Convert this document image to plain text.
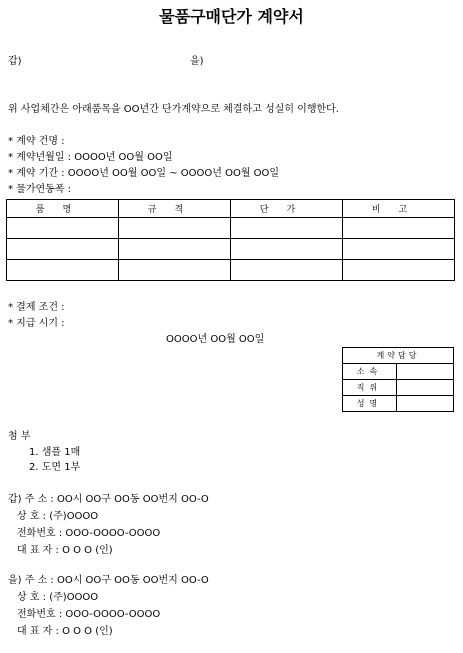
물품구매단가 계약서
갑)	을)
위 사업체간은 아래품목을 OO년간 단가계약으로 체결하고 성실히 이행한다.
* 계약 건명 :
* 계약년월일 : OOOO년 OO월 OO일
* 계약 기간 : OOOO년 OO월 OO일 ~ OOOO년 OO월 OO일
* 물가연동폭 :
품명	규격	단가	비고

* 결제 조건 :
* 지급 시기 :
OOOO년 OO월 OO일
계약담당	
소속	
직위	
성명	
첨 부
1. 샘플 1매
2. 도면 1부
갑) 주 소 : OO시 OO구 OO동 OO번지 OO-O
상 호 : (주)OOOO
전화번호 : OOO-OOOO-OOOO
대 표 자 : O O O (인)
을) 주 소 : OO시 OO구 OO동 OO번지 OO-O
상 호 : (주)OOOO
전화번호 : OOO-OOOO-OOOO
대 표 자 : O O O (인)
